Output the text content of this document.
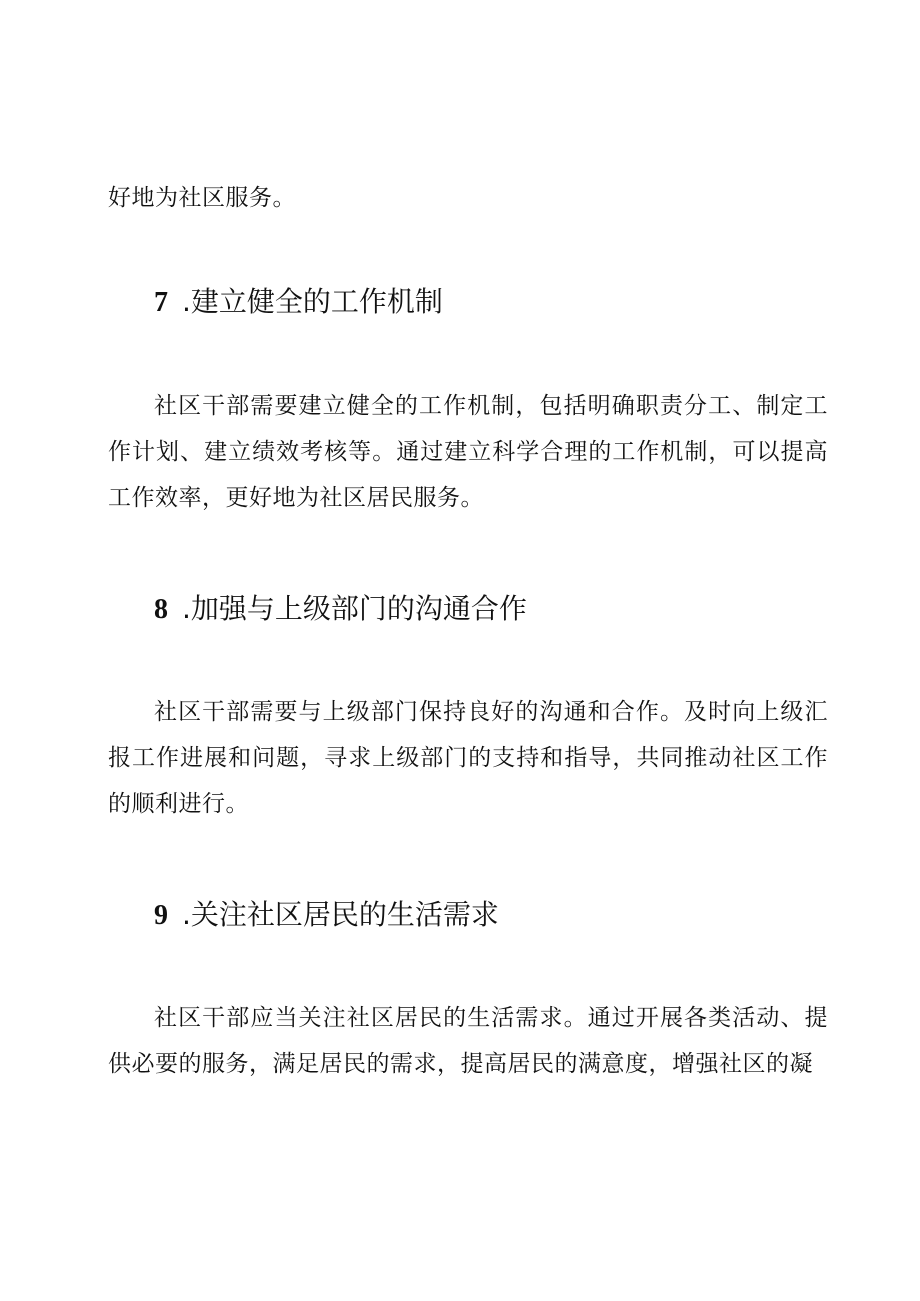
好地为社区服务。

7 .建立健全的工作机制

社区干部需要建立健全的工作机制，包括明确职责分工、制定工作计划、建立绩效考核等。通过建立科学合理的工作机制，可以提高工作效率，更好地为社区居民服务。

8 .加强与上级部门的沟通合作

社区干部需要与上级部门保持良好的沟通和合作。及时向上级汇报工作进展和问题，寻求上级部门的支持和指导，共同推动社区工作的顺利进行。

9 .关注社区居民的生活需求

社区干部应当关注社区居民的生活需求。通过开展各类活动、提供必要的服务，满足居民的需求，提高居民的满意度，增强社区的凝
